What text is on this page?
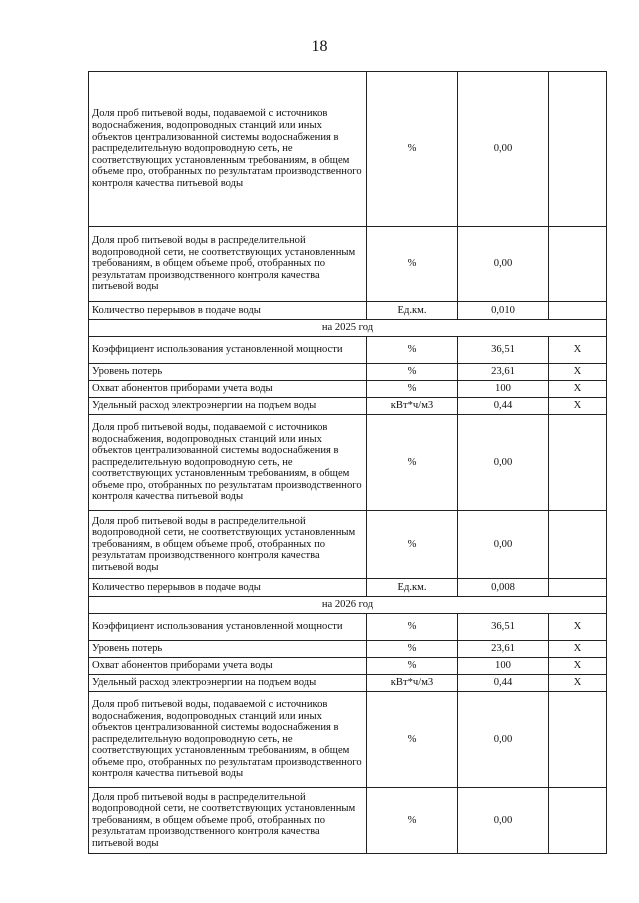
18
Доля проб питьевой воды, подаваемой с источников водоснабжения, водопроводных станций или иных объектов централизованной системы водоснабжения в распределительную водопроводную сеть, не соответствующих установленным требованиям, в общем объеме про, отобранных по результатам производственного контроля качества питьевой воды	%	0,00	
Доля проб питьевой воды в распределительной водопроводной сети, не соответствующих установленным требованиям, в общем объеме проб, отобранных по результатам производственного контроля качества питьевой воды	%	0,00	
Количество перерывов в подаче воды	Ед.км.	0,010	
на 2025 год			
Коэффициент использования установленной мощности	%	36,51	X
Уровень потерь	%	23,61	X
Охват абонентов приборами учета воды	%	100	X
Удельный расход электроэнергии на подъем воды	кВт*ч/м3	0,44	X
Доля проб питьевой воды, подаваемой с источников водоснабжения, водопроводных станций или иных объектов централизованной системы водоснабжения в распределительную водопроводную сеть, не соответствующих установленным требованиям, в общем объеме про, отобранных по результатам производственного контроля качества питьевой воды	%	0,00	
Доля проб питьевой воды в распределительной водопроводной сети, не соответствующих установленным требованиям, в общем объеме проб, отобранных по результатам производственного контроля качества питьевой воды	%	0,00	
Количество перерывов в подаче воды	Ед.км.	0,008	
на 2026 год			
Коэффициент использования установленной мощности	%	36,51	X
Уровень потерь	%	23,61	X
Охват абонентов приборами учета воды	%	100	X
Удельный расход электроэнергии на подъем воды	кВт*ч/м3	0,44	X
Доля проб питьевой воды, подаваемой с источников водоснабжения, водопроводных станций или иных объектов централизованной системы водоснабжения в распределительную водопроводную сеть, не соответствующих установленным требованиям, в общем объеме про, отобранных по результатам производственного контроля качества питьевой воды	%	0,00	
Доля проб питьевой воды в распределительной водопроводной сети, не соответствующих установленным требованиям, в общем объеме проб, отобранных по результатам производственного контроля качества питьевой воды	%	0,00	
